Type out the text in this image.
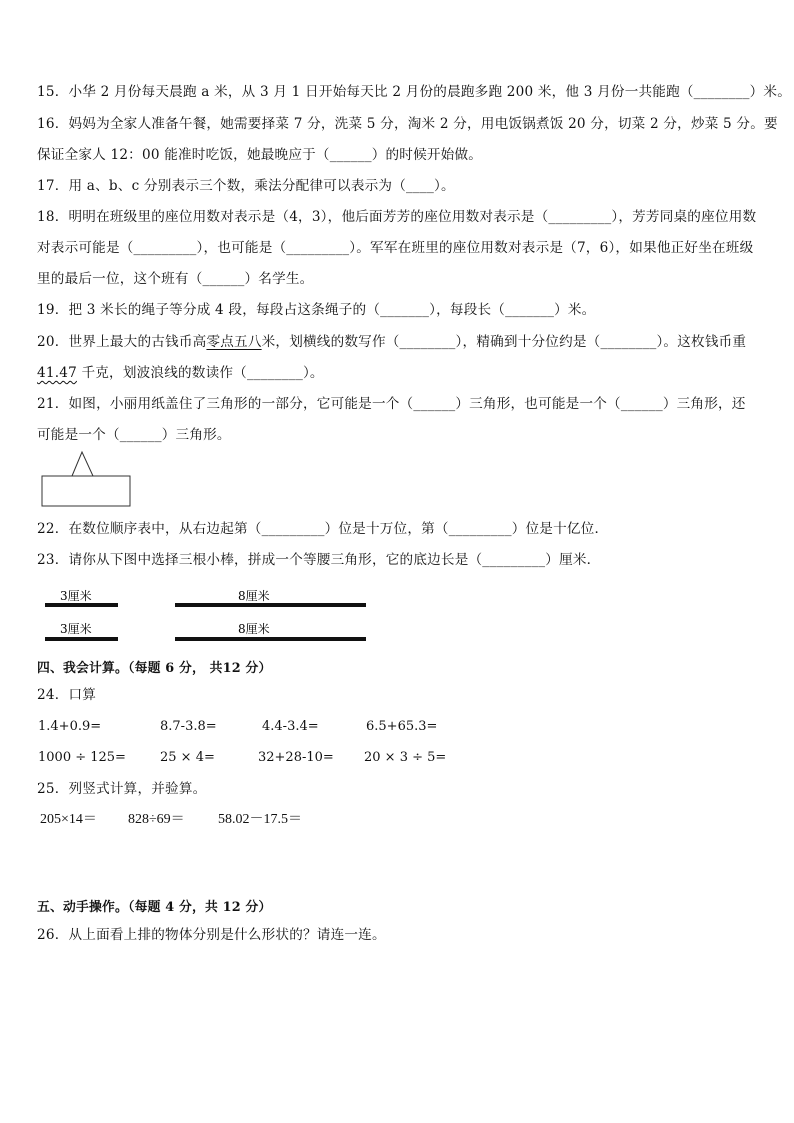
15．小华 2 月份每天晨跑 a 米，从 3 月 1 日开始每天比 2 月份的晨跑多跑 200 米，他 3 月份一共能跑（________）米。
16．妈妈为全家人准备午餐，她需要择菜 7 分，洗菜 5 分，淘米 2 分，用电饭锅煮饭 20 分，切菜 2 分，炒菜 5 分。要
保证全家人 12：00 能准时吃饭，她最晚应于（______）的时候开始做。
17．用 a、b、c 分别表示三个数，乘法分配律可以表示为（____）。
18．明明在班级里的座位用数对表示是（4，3），他后面芳芳的座位用数对表示是（_________），芳芳同桌的座位用数
对表示可能是（_________），也可能是（_________）。军军在班里的座位用数对表示是（7，6），如果他正好坐在班级
里的最后一位，这个班有（______）名学生。
19．把 3 米长的绳子等分成 4 段，每段占这条绳子的（_______），每段长（_______）米。
20．世界上最大的古钱币高零点五八米，划横线的数写作（________），精确到十分位约是（________）。这枚钱币重
41.47 千克，划波浪线的数读作（________）。
21．如图，小丽用纸盖住了三角形的一部分，它可能是一个（______）三角形，也可能是一个（______）三角形，还
可能是一个（______）三角形。
22．在数位顺序表中，从右边起第（_________）位是十万位，第（_________）位是十亿位．
23．请你从下图中选择三根小棒，拼成一个等腰三角形，它的底边长是（_________）厘米．
3厘米	8厘米
3厘米	8厘米
四、我会计算。（每题 6 分， 共12 分）
24．口算
1.4+0.9=	8.7-3.8=	4.4-3.4=	6.5+65.3=
1000 ÷ 125=	25 × 4=	32+28-10= 20 × 3 ÷ 5=
25．列竖式计算，并验算。
205×14＝ 828÷69＝ 58.02－17.5＝
五、动手操作。（每题 4 分，共 12 分）
26．从上面看上排的物体分别是什么形状的？请连一连。
